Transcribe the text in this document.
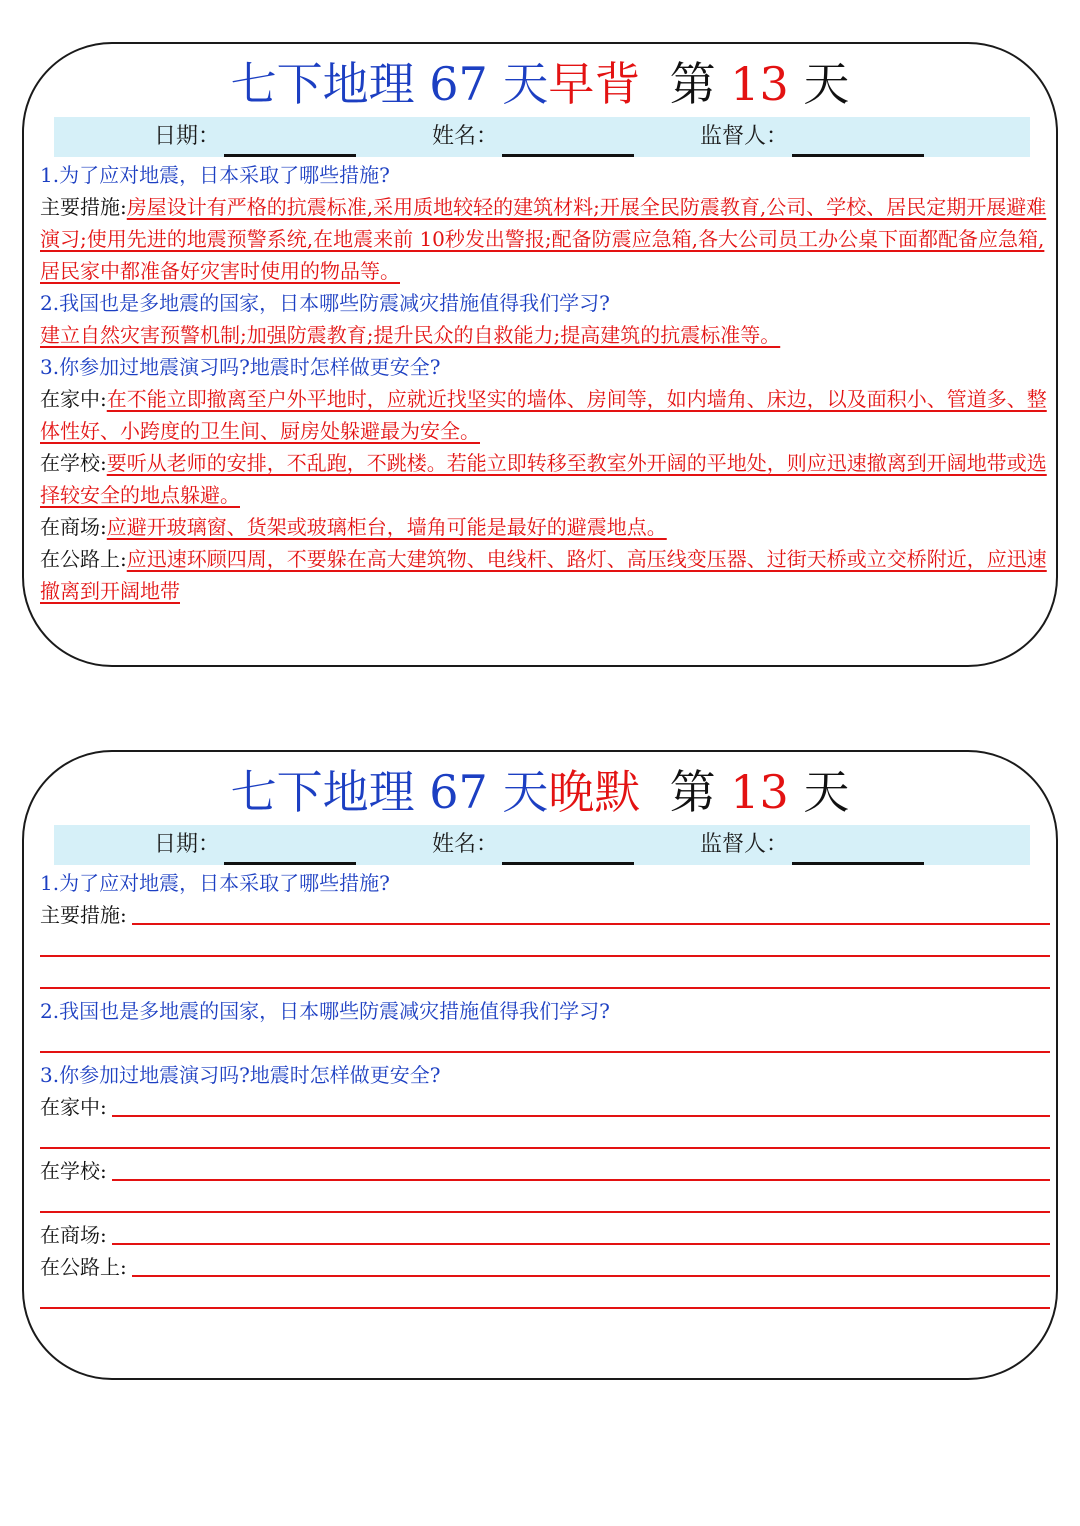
七下地理 67 天早背 第 13 天
日期：	姓名：	监督人：
1.为了应对地震，日本采取了哪些措施?

主要措施:房屋设计有严格的抗震标准,采用质地较轻的建筑材料;开展全民防震教育,公司、学校、居民定期开展避难演习;使用先进的地震预警系统,在地震来前 10秒发出警报;配备防震应急箱,各大公司员工办公桌下面都配备应急箱,居民家中都准备好灾害时使用的物品等。

2.我国也是多地震的国家，日本哪些防震减灾措施值得我们学习?

建立自然灾害预警机制;加强防震教育;提升民众的自救能力;提高建筑的抗震标准等。

3.你参加过地震演习吗?地震时怎样做更安全?

在家中:在不能立即撤离至户外平地时，应就近找坚实的墙体、房间等，如内墙角、床边，以及面积小、管道多、整体性好、小跨度的卫生间、厨房处躲避最为安全。

在学校:要听从老师的安排，不乱跑，不跳楼。若能立即转移至教室外开阔的平地处，则应迅速撤离到开阔地带或选择较安全的地点躲避。

在商场:应避开玻璃窗、货架或玻璃柜台，墙角可能是最好的避震地点。

在公路上:应迅速环顾四周，不要躲在高大建筑物、电线杆、路灯、高压线变压器、过街天桥或立交桥附近，应迅速撤离到开阔地带

七下地理 67 天晚默 第 13 天
日期：	姓名：	监督人：
1.为了应对地震，日本采取了哪些措施?
主要措施:
2.我国也是多地震的国家，日本哪些防震减灾措施值得我们学习?
3.你参加过地震演习吗?地震时怎样做更安全?
在家中:
在学校:
在商场:
在公路上:
